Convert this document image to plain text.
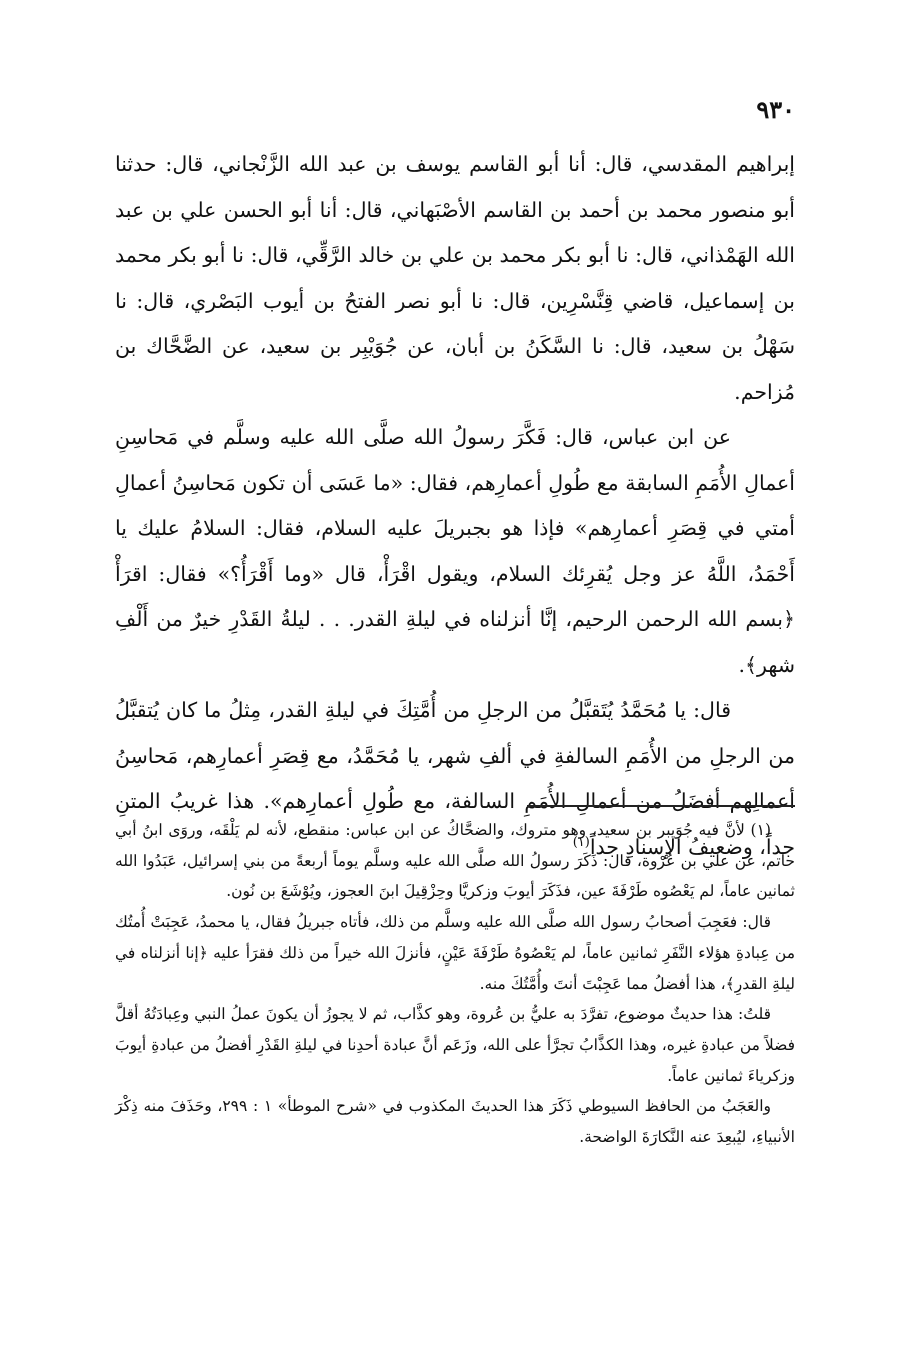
٩٣٠

إبراهيم المقدسي، قال: أنا أبو القاسم يوسف بن عبد الله الزَّنْجاني، قال: حدثنا أبو منصور محمد بن أحمد بن القاسم الأصْبَهاني، قال: أنا أبو الحسن علي بن عبد الله الهَمْذاني، قال: نا أبو بكر محمد بن علي بن خالد الرَّقِّي، قال: نا أبو بكر محمد بن إسماعيل، قاضي قِنَّسْرِين، قال: نا أبو نصر الفتحُ بن أيوب البَصْري، قال: نا سَهْلُ بن سعيد، قال: نا السَّكَنُ بن أبان، عن جُوَيْبِر بن سعيد، عن الضَّحَّاك بن مُزاحم.

عن ابن عباس، قال: فَكَّرَ رسولُ الله صلَّى الله عليه وسلَّم في مَحاسِنِ أعمالِ الأُمَمِ السابقة مع طُولِ أعمارِهم، فقال: «ما عَسَى أن تكون مَحاسِنُ أعمالِ أمتي في قِصَرِ أعمارِهم» فإذا هو بجبريلَ عليه السلام، فقال: السلامُ عليك يا أَحْمَدُ، اللَّهُ عز وجل يُقرِئك السلام، ويقول اقْرَأْ، قال «وما أَقْرَأُ؟» فقال: اقرَأْ ﴿بسم الله الرحمن الرحيم، إنَّا أنزلناه في ليلةِ القدر. . . ليلةُ القَدْرِ خيرٌ من أَلْفِ شهر﴾.

قال: يا مُحَمَّدُ يُتَقبَّلُ من الرجلِ من أُمَّتِكَ في ليلةِ القدر، مِثلُ ما كان يُتقبَّلُ من الرجلِ من الأُمَمِ السالفةِ في ألفِ شهر، يا مُحَمَّدُ، مع قِصَرِ أعمارِهم، مَحاسِنُ أعمالِهم أفضَلُ من أعمالِ الأُمَمِ السالفة، مع طُولِ أعمارِهم». هذا غريبُ المتنِ جداً، وضعيفُ الإسنادِ جداً$^{(١)}$

(١) لأنَّ فيه جُوَيبر بن سعيد، وهو متروك، والضحَّاكُ عن ابن عباس: منقطع، لأنه لم يَلْقَه، وروَى ابنُ أبي حاتم، عن علي بن عُرْوة، قال: ذَكَرَ رسولُ الله صلَّى الله عليه وسلَّم يوماً أربعةً من بني إسرائيل، عَبَدُوا الله ثمانين عاماً، لم يَعْصُوه طَرْفَةَ عين، فذَكَرَ أيوبَ وزكريَّا وحِزْقِيلَ ابنَ العجوز، ويُوْشَعَ بن نُون.

قال: فعَجِبَ أصحابُ رسول الله صلَّى الله عليه وسلَّم من ذلك، فأتاه جبريلُ فقال، يا محمدُ، عَجِبَتْ أُمتُك من عِبادةِ هؤلاء النَّفَرِ ثمانين عاماً، لم يَعْصُوهُ طَرْفَةَ عَيْنٍ، فأنزلَ الله خيراً من ذلك فقرَأ عليه ﴿إنا أنزلناه في ليلةِ القدرِ﴾، هذا أفضلُ مما عَجِبْتَ أنتَ وأُمَّتُكَ منه.

قلتُ: هذا حديثٌ موضوع، تفرَّدَ به عليُّ بن عُروة، وهو كذَّاب، ثم لا يجوزُ أن يكونَ عملُ النبي وعِبادَتُهُ أقلَّ فضلاً من عبادةِ غيره، وهذا الكذَّابُ تجرَّأ على الله، وزَعَم أنَّ عبادة أحدِنا في ليلةِ القَدْرِ أفضلُ من عبادةِ أيوبَ وزكرياءَ ثمانين عاماً.

والعَجَبُ من الحافظ السيوطي ذَكَرَ هذا الحديثَ المكذوب في «شرح الموطأ» ١ : ٢٩٩، وحَذَفَ منه ذِكْرَ الأنبياءِ، ليُبعِدَ عنه النَّكارَةَ الواضحة.
